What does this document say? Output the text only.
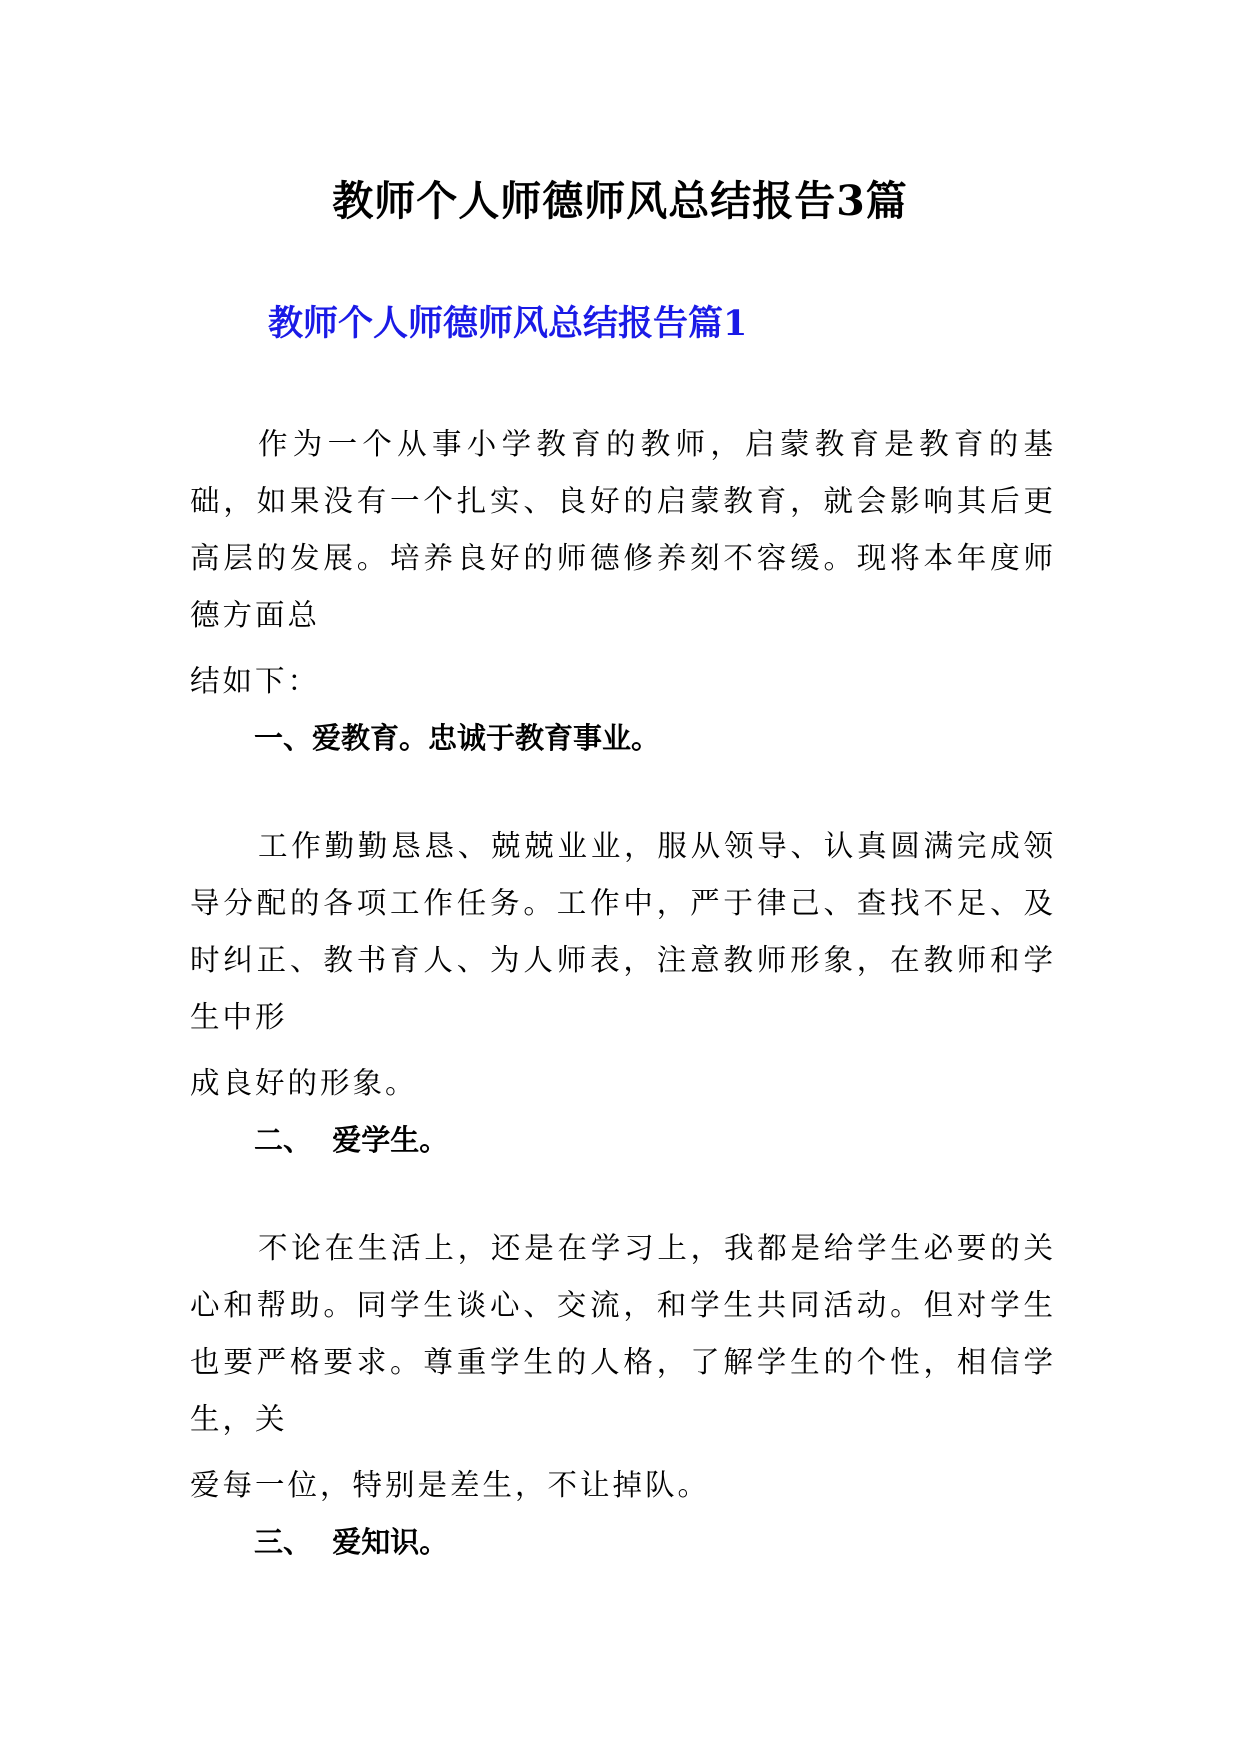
教师个人师德师风总结报告3篇
教师个人师德师风总结报告篇1

作为一个从事小学教育的教师，启蒙教育是教育的基础，如果没有一个扎实、良好的启蒙教育，就会影响其后更高层的发展。培养良好的师德修养刻不容缓。现将本年度师德方面总
结如下：

一、爱教育。忠诚于教育事业。

工作勤勤恳恳、兢兢业业，服从领导、认真圆满完成领导分配的各项工作任务。工作中，严于律己、查找不足、及时纠正、教书育人、为人师表，注意教师形象，在教师和学生中形
成良好的形象。

二、  爱学生。

不论在生活上，还是在学习上，我都是给学生必要的关心和帮助。同学生谈心、交流，和学生共同活动。但对学生也要严格要求。尊重学生的人格，了解学生的个性，相信学生，关
爱每一位，特别是差生，不让掉队。

三、  爱知识。
